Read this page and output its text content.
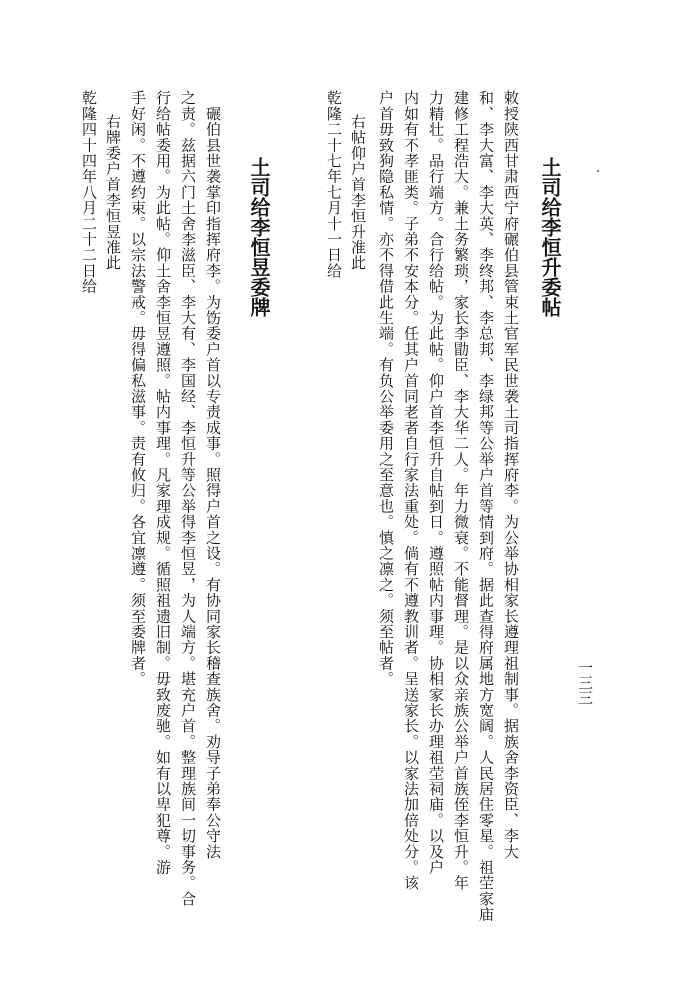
一三三
土司给李恒升委帖

敕授陕西甘肃西宁府碾伯县管束土官军民世袭土司指挥府李。为公举协相家长遵理祖制事。据族舍李资臣、李大

和、李大富、李大英、李终邦、李总邦、李绿邦等公举户首等情到府。据此查得府属地方宽阔。人民居住零星。祖茔家庙

建修工程浩大。兼土务繁琐，家长李勖臣、李大华二人。年力微衰。不能督理。是以众亲族公举户首族侄李恒升。年

力精壮。品行端方。合行给帖。为此帖。仰户首李恒升自帖到日。遵照帖内事理。协相家长办理祖茔祠庙。以及户

内如有不孝匪类。子弟不安本分。任其户首同老者自行家法重处。倘有不遵教训者。呈送家长。以家法加倍处分。该

户首毋致狗隐私情。亦不得借此生端。有负公举委用之至意也。慎之凛之。须至帖者。

　右帖仰户首李恒升准此

乾隆二十七年七月十一日给

土司给李恒昱委牌

　碾伯县世袭掌印指挥府李。为饬委户首以专责成事。照得户首之设。有协同家长稽查族舍。劝导子弟奉公守法

之责。兹据六门土舍李滋臣、李大有、李国经、李恒升等公举得李恒昱，为人端方。堪充户首。整理族间一切事务。合

行给帖委用。为此帖。仰土舍李恒昱遵照。帖内事理。凡家理成规。循照祖遗旧制。毋致废驰。如有以卑犯尊。游

手好闲。不遵约束。以宗法警戒。毋得偏私滋事。责有攸归。各宜凛遵。须至委牌者。

　右牌委户首李恒昱准此

乾隆四十四年八月二十二日给
